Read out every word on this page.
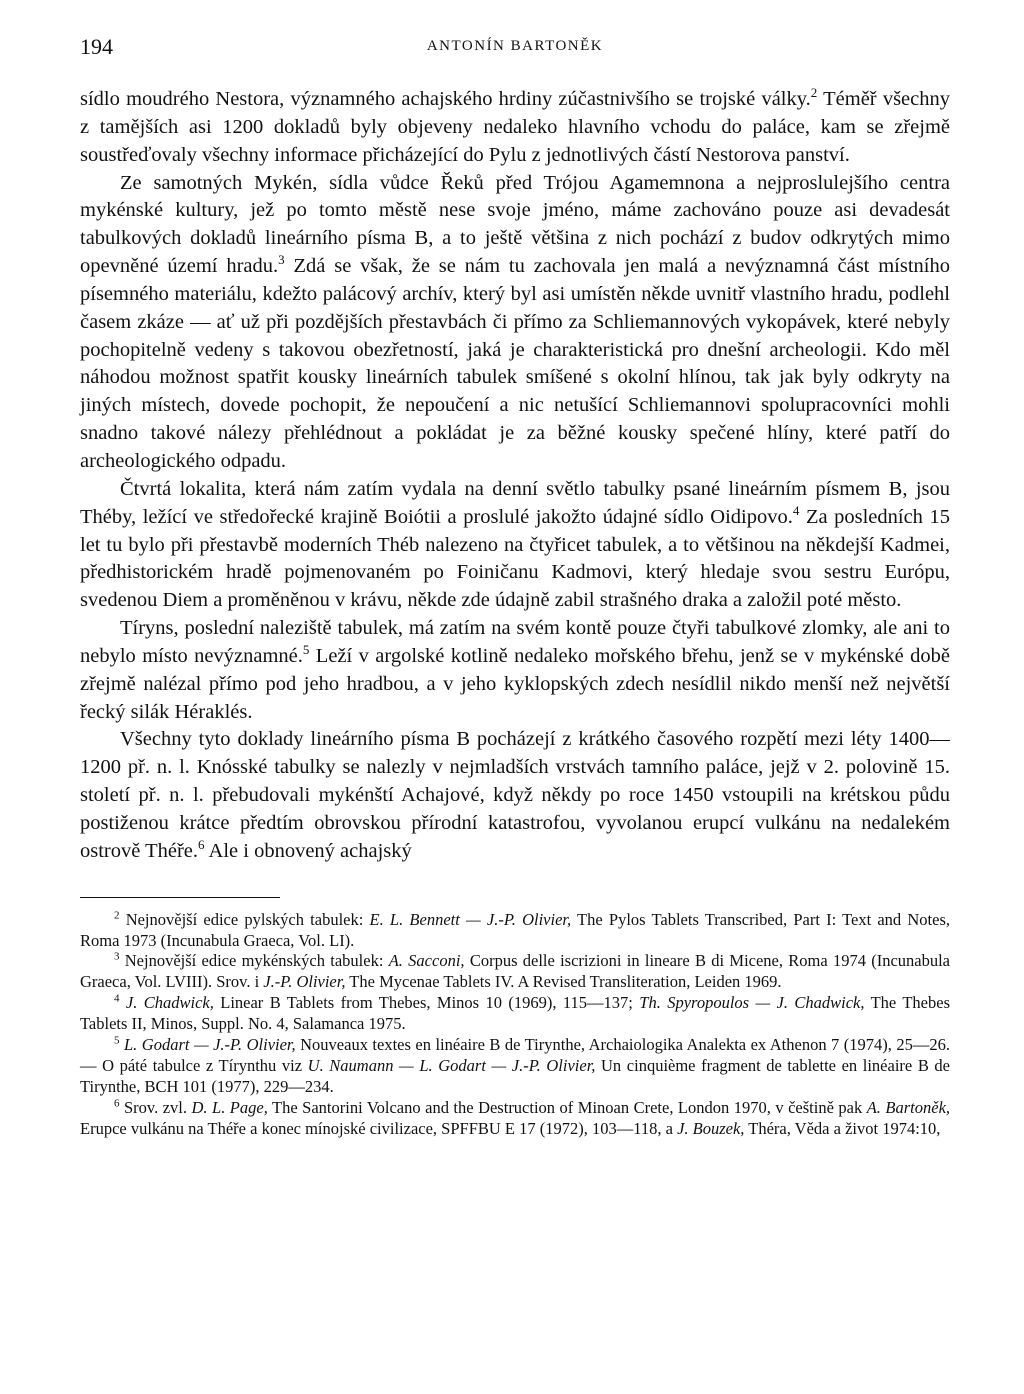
194	ANTONÍN BARTONĚK

sídlo moudrého Nestora, významného achajského hrdiny zúčastnivšího se trojské války.$^2$ Téměř všechny z tamějších asi 1200 dokladů byly objeveny nedaleko hlavního vchodu do paláce, kam se zřejmě soustřeďovaly všechny informace přicházející do Pylu z jednotlivých částí Nestorova panství.

Ze samotných Mykén, sídla vůdce Řeků před Trójou Agamemnona a nejproslulejšího centra mykénské kultury, jež po tomto městě nese svoje jméno, máme zachováno pouze asi devadesát tabulkových dokladů lineárního písma B, a to ještě většina z nich pochází z budov odkrytých mimo opevněné území hradu.$^3$ Zdá se však, že se nám tu zachovala jen malá a nevýznamná část místního písemného materiálu, kdežto palácový archív, který byl asi umístěn někde uvnitř vlastního hradu, podlehl časem zkáze — ať už při pozdějších přestavbách či přímo za Schliemannových vykopávek, které nebyly pochopitelně vedeny s takovou obezřetností, jaká je charakteristická pro dnešní archeologii. Kdo měl náhodou možnost spatřit kousky lineárních tabulek smíšené s okolní hlínou, tak jak byly odkryty na jiných místech, dovede pochopit, že nepoučení a nic netušící Schliemannovi spolupracovníci mohli snadno takové nálezy přehlédnout a pokládat je za běžné kousky spečené hlíny, které patří do archeologického odpadu.

Čtvrtá lokalita, která nám zatím vydala na denní světlo tabulky psané lineárním písmem B, jsou Théby, ležící ve středořecké krajině Boiótii a proslulé jakožto údajné sídlo Oidipovo.$^4$ Za posledních 15 let tu bylo při přestavbě moderních Théb nalezeno na čtyřicet tabulek, a to většinou na někdejší Kadmei, předhistorickém hradě pojmenovaném po Foiničanu Kadmovi, který hledaje svou sestru Európu, svedenou Diem a proměněnou v krávu, někde zde údajně zabil strašného draka a založil poté město.

Tíryns, poslední naleziště tabulek, má zatím na svém kontě pouze čtyři tabulkové zlomky, ale ani to nebylo místo nevýznamné.$^5$ Leží v argolské kotlině nedaleko mořského břehu, jenž se v mykénské době zřejmě nalézal přímo pod jeho hradbou, a v jeho kyklopských zdech nesídlil nikdo menší než největší řecký silák Héraklés.

Všechny tyto doklady lineárního písma B pocházejí z krátkého časového rozpětí mezi léty 1400—1200 př. n. l. Knósské tabulky se nalezly v nejmladších vrstvách tamního paláce, jejž v 2. polovině 15. století př. n. l. přebudovali mykénští Achajové, když někdy po roce 1450 vstoupili na krétskou půdu postiženou krátce předtím obrovskou přírodní katastrofou, vyvolanou erupcí vulkánu na nedalekém ostrově Théře.$^6$ Ale i obnovený achajský

$^2$ Nejnovější edice pylských tabulek: E. L. Bennett — J.-P. Olivier, The Pylos Tablets Transcribed, Part I: Text and Notes, Roma 1973 (Incunabula Graeca, Vol. LI).

$^3$ Nejnovější edice mykénských tabulek: A. Sacconi, Corpus delle iscrizioni in lineare B di Micene, Roma 1974 (Incunabula Graeca, Vol. LVIII). Srov. i J.-P. Olivier, The Mycenae Tablets IV. A Revised Transliteration, Leiden 1969.

$^4$ J. Chadwick, Linear B Tablets from Thebes, Minos 10 (1969), 115—137; Th. Spyropoulos — J. Chadwick, The Thebes Tablets II, Minos, Suppl. No. 4, Salamanca 1975.

$^5$ L. Godart — J.-P. Olivier, Nouveaux textes en linéaire B de Tirynthe, Archaiologika Analekta ex Athenon 7 (1974), 25—26. — O páté tabulce z Tírynthu viz U. Naumann — L. Godart — J.-P. Olivier, Un cinquième fragment de tablette en linéaire B de Tirynthe, BCH 101 (1977), 229—234.

$^6$ Srov. zvl. D. L. Page, The Santorini Volcano and the Destruction of Minoan Crete, London 1970, v češtině pak A. Bartoněk, Erupce vulkánu na Théře a konec mínojské civilizace, SPFFBU E 17 (1972), 103—118, a J. Bouzek, Théra, Věda a život 1974:10,
